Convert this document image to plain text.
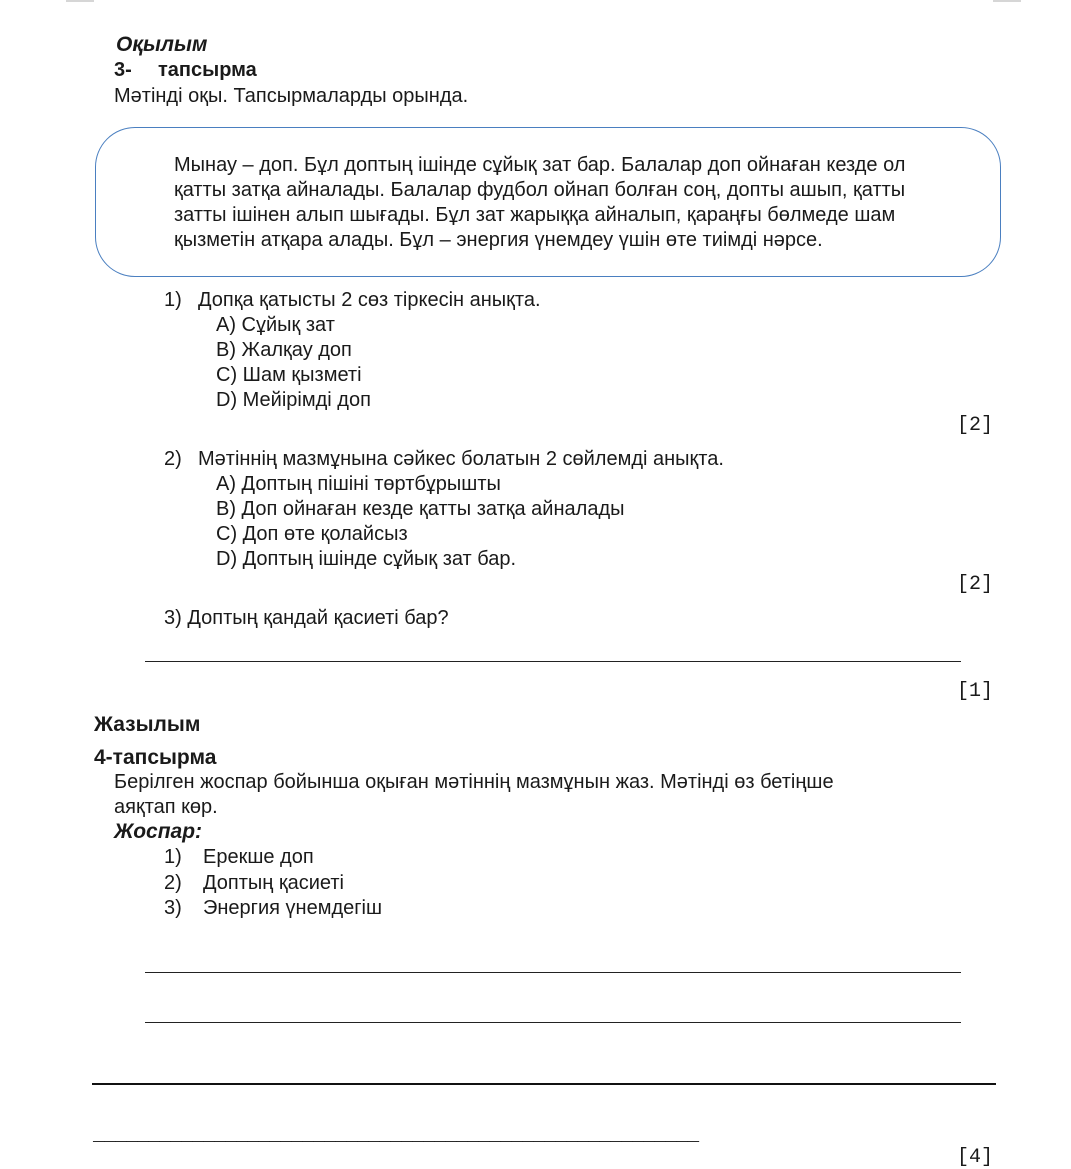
Оқылым
3- тапсырма
Мәтінді оқы. Тапсырмаларды орында.
Мынау – доп. Бұл доптың ішінде сұйық зат бар. Балалар доп ойнаған кезде ол
қатты затқа айналады. Балалар фудбол ойнап болған соң, допты ашып, қатты
затты ішінен алып шығады. Бұл зат жарыққа айналып, қараңғы бөлмеде шам
қызметін атқара алады. Бұл – энергия үнемдеу үшін өте тиімді нәрсе.
1) Допқа қатысты 2 сөз тіркесін анықта.
A) Сұйық зат
B) Жалқау доп
C) Шам қызметі
D) Мейірімді доп
[2]
2) Мәтіннің мазмұнына сәйкес болатын 2 сөйлемді анықта.
A) Доптың пішіні төртбұрышты
B) Доп ойнаған кезде қатты затқа айналады
C) Доп өте қолайсыз
D) Доптың ішінде сұйық зат бар.
[2]
3) Доптың қандай қасиеті бар?
[1]
Жазылым
4-тапсырма
Берілген жоспар бойынша оқыған мәтіннің мазмұнын жаз. Мәтінді өз бетіңше
аяқтап көр.
Жоспар:
1) Ерекше доп
2) Доптың қасиеті
3) Энергия үнемдегіш
_______________________________________________________
[4]
